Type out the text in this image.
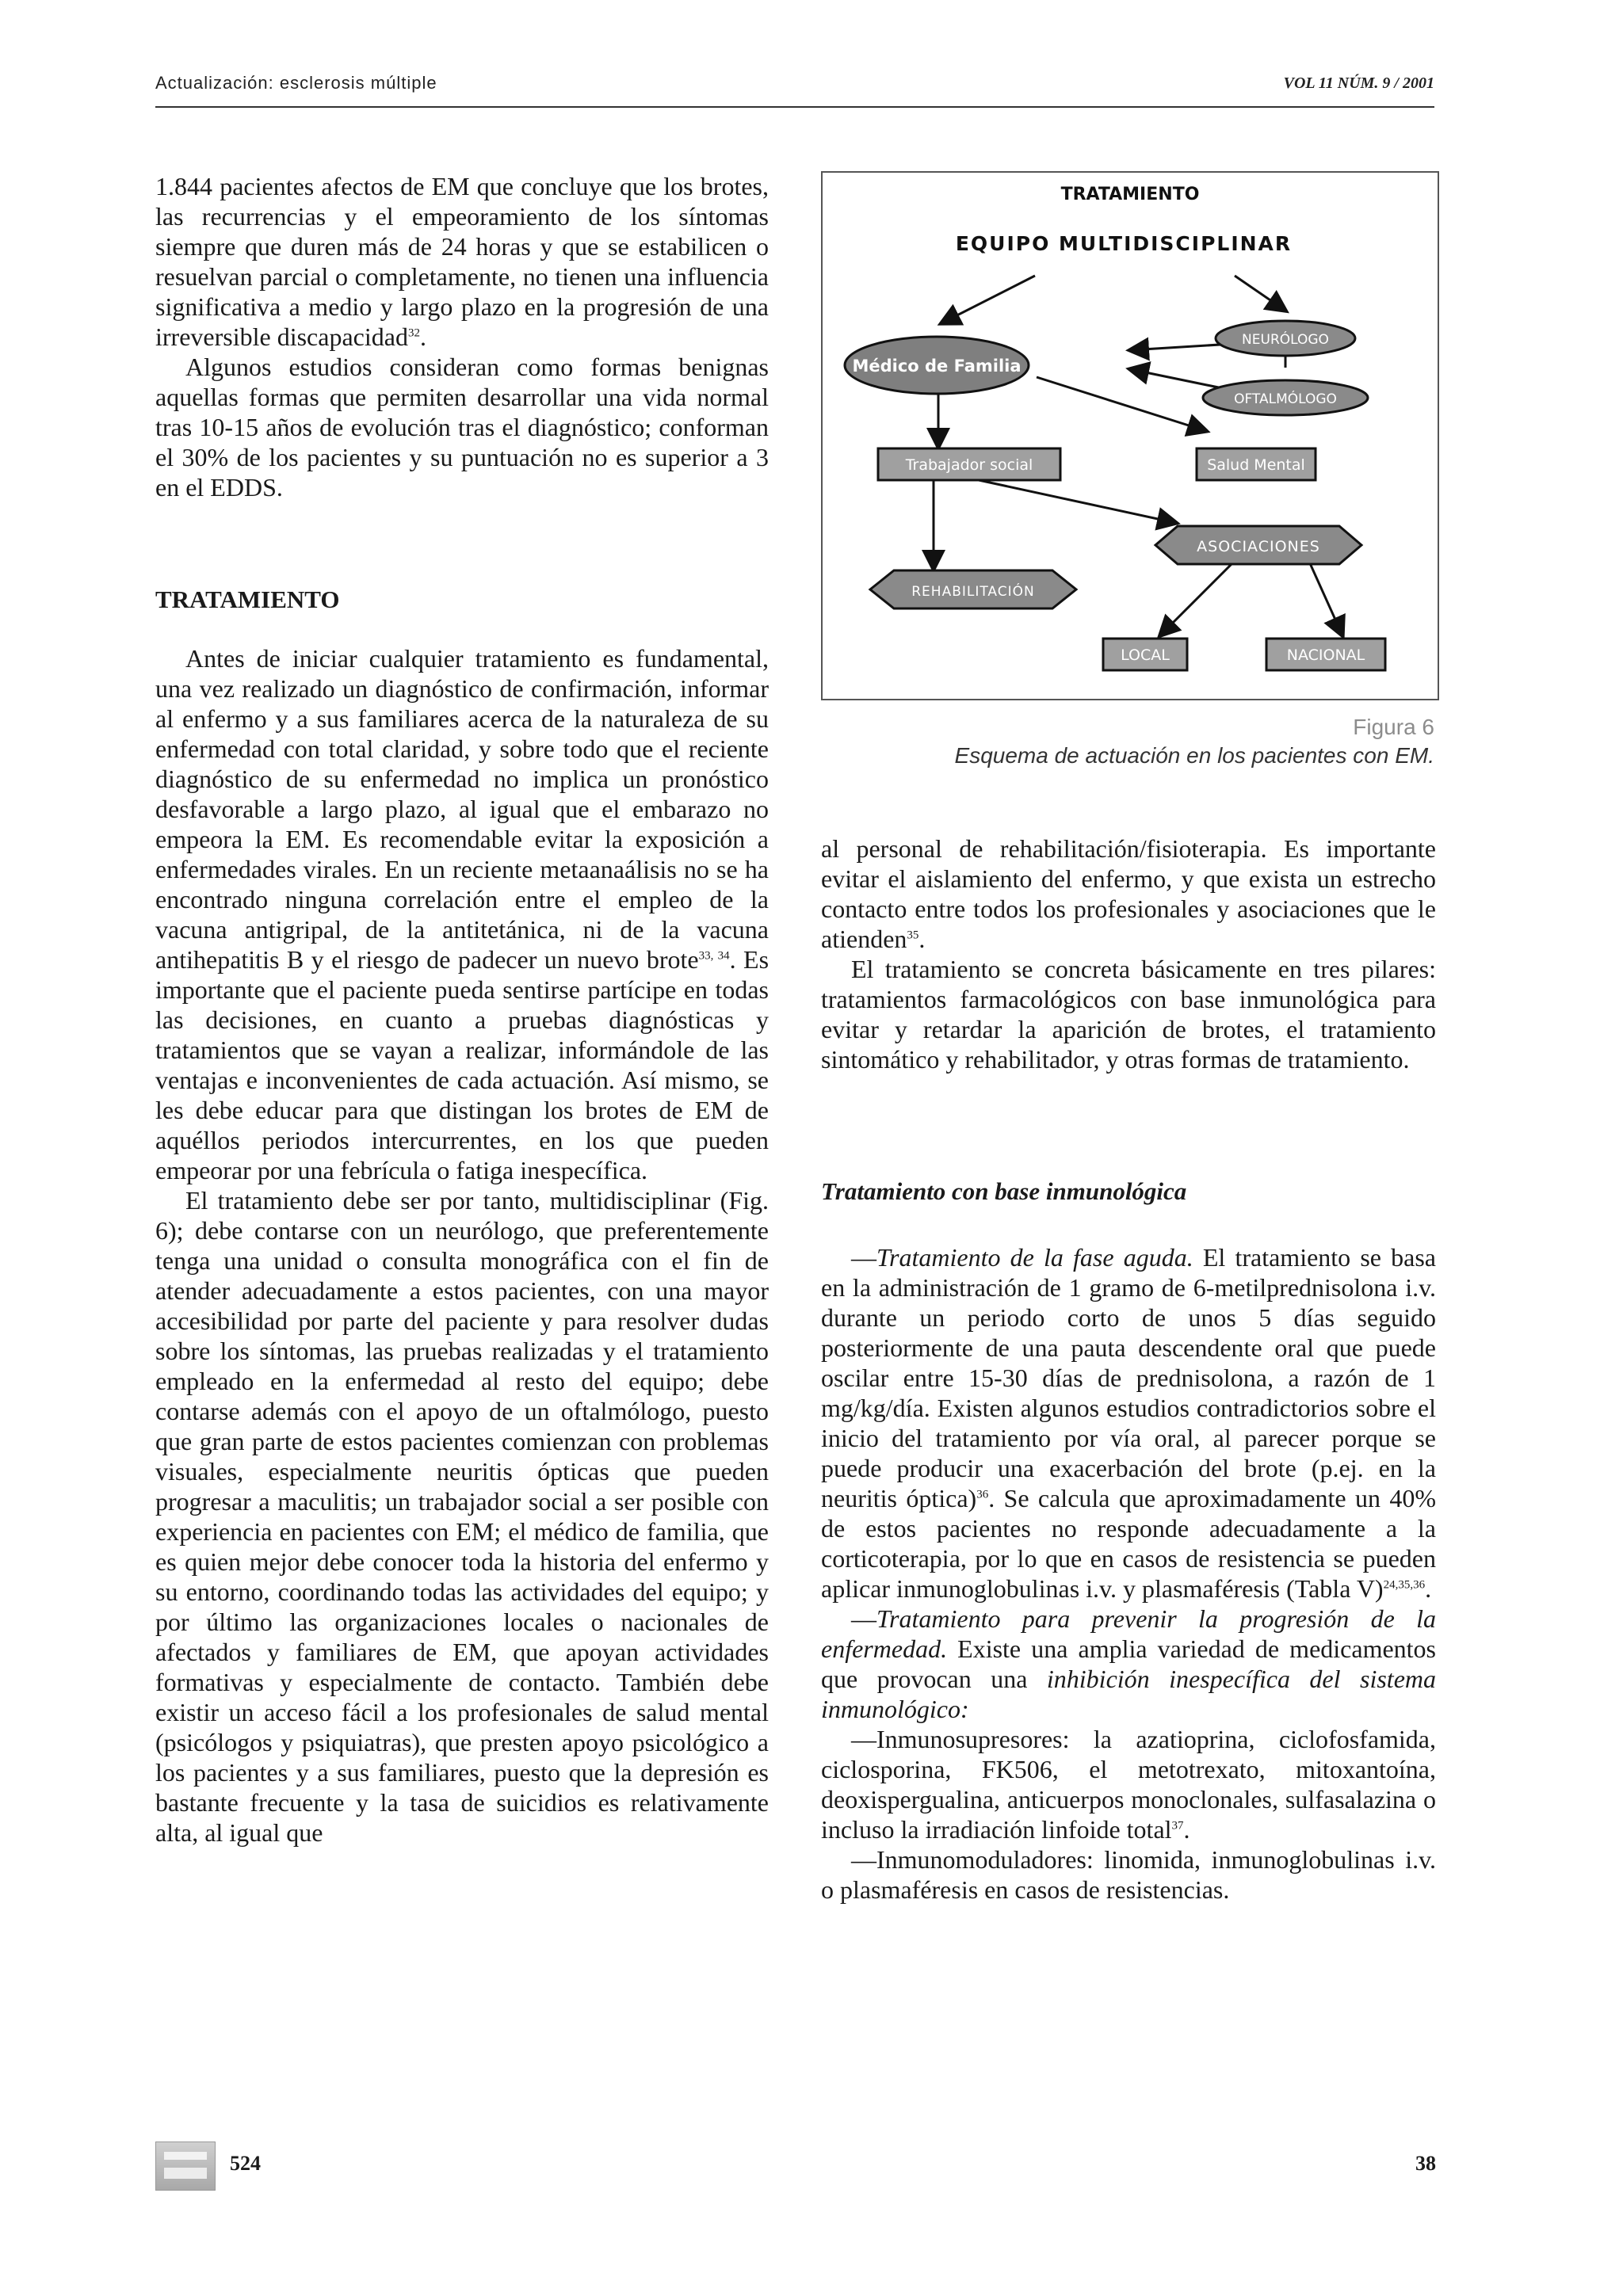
Actualización: esclerosis múltiple	VOL 11 NÚM. 9 / 2001

1.844 pacientes afectos de EM que concluye que los brotes, las recurrencias y el empeoramiento de los síntomas siempre que duren más de 24 horas y que se estabilicen o resuelvan parcial o completamente, no tienen una influencia significativa a medio y largo plazo en la progresión de una irreversible discapacidad$^{32}$.

Algunos estudios consideran como formas benignas aquellas formas que permiten desarrollar una vida normal tras 10-15 años de evolución tras el diagnóstico; conforman el 30% de los pacientes y su puntuación no es superior a 3 en el EDDS.

TRATAMIENTO

Antes de iniciar cualquier tratamiento es fundamental, una vez realizado un diagnóstico de confirmación, informar al enfermo y a sus familiares acerca de la naturaleza de su enfermedad con total claridad, y sobre todo que el reciente diagnóstico de su enfermedad no implica un pronóstico desfavorable a largo plazo, al igual que el embarazo no empeora la EM. Es recomendable evitar la exposición a enfermedades virales. En un reciente metaanaálisis no se ha encontrado ninguna correlación entre el empleo de la vacuna antigripal, de la antitetánica, ni de la vacuna antihepatitis B y el riesgo de padecer un nuevo brote$^{33, 34}$. Es importante que el paciente pueda sentirse partícipe en todas las decisiones, en cuanto a pruebas diagnósticas y tratamientos que se vayan a realizar, informándole de las ventajas e inconvenientes de cada actuación. Así mismo, se les debe educar para que distingan los brotes de EM de aquéllos periodos intercurrentes, en los que pueden empeorar por una febrícula o fatiga inespecífica.

El tratamiento debe ser por tanto, multidisciplinar (Fig. 6); debe contarse con un neurólogo, que preferentemente tenga una unidad o consulta monográfica con el fin de atender adecuadamente a estos pacientes, con una mayor accesibilidad por parte del paciente y para resolver dudas sobre los síntomas, las pruebas realizadas y el tratamiento empleado en la enfermedad al resto del equipo; debe contarse además con el apoyo de un oftalmólogo, puesto que gran parte de estos pacientes comienzan con problemas visuales, especialmente neuritis ópticas que pueden progresar a maculitis; un trabajador social a ser posible con experiencia en pacientes con EM; el médico de familia, que es quien mejor debe conocer toda la historia del enfermo y su entorno, coordinando todas las actividades del equipo; y por último las organizaciones locales o nacionales de afectados y familiares de EM, que apoyan actividades formativas y especialmente de contacto. También debe existir un acceso fácil a los profesionales de salud mental (psicólogos y psiquiatras), que presten apoyo psicológico a los pacientes y a sus familiares, puesto que la depresión es bastante frecuente y la tasa de suicidios es relativamente alta, al igual que

TRATAMIENTO
EQUIPO MULTIDISCIPLINAR
Médico de Familia
NEURÓLOGO
OFTALMÓLOGO
Trabajador social	Salud Mental
ASOCIACIONES
REHABILITACIÓN
LOCAL	NACIONAL
Figura 6
Esquema de actuación en los pacientes con EM.

al personal de rehabilitación/fisioterapia. Es importante evitar el aislamiento del enfermo, y que exista un estrecho contacto entre todos los profesionales y asociaciones que le atienden$^{35}$.

El tratamiento se concreta básicamente en tres pilares: tratamientos farmacológicos con base inmunológica para evitar y retardar la aparición de brotes, el tratamiento sintomático y rehabilitador, y otras formas de tratamiento.

Tratamiento con base inmunológica

—Tratamiento de la fase aguda. El tratamiento se basa en la administración de 1 gramo de 6-metilprednisolona i.v. durante un periodo corto de unos 5 días seguido posteriormente de una pauta descendente oral que puede oscilar entre 15-30 días de prednisolona, a razón de 1 mg/kg/día. Existen algunos estudios contradictorios sobre el inicio del tratamiento por vía oral, al parecer porque se puede producir una exacerbación del brote (p.ej. en la neuritis óptica)$^{36}$. Se calcula que aproximadamente un 40% de estos pacientes no responde adecuadamente a la corticoterapia, por lo que en casos de resistencia se pueden aplicar inmunoglobulinas i.v. y plasmaféresis (Tabla V)$^{24,35,36}$.

—Tratamiento para prevenir la progresión de la enfermedad. Existe una amplia variedad de medicamentos que provocan una inhibición inespecífica del sistema inmunológico:

—Inmunosupresores: la azatioprina, ciclofosfamida, ciclosporina, FK506, el metotrexato, mitoxantoína, deoxispergualina, anticuerpos monoclonales, sulfasalazina o incluso la irradiación linfoide total$^{37}$.

—Inmunomoduladores: linomida, inmunoglobulinas i.v. o plasmaféresis en casos de resistencias.

524	38
